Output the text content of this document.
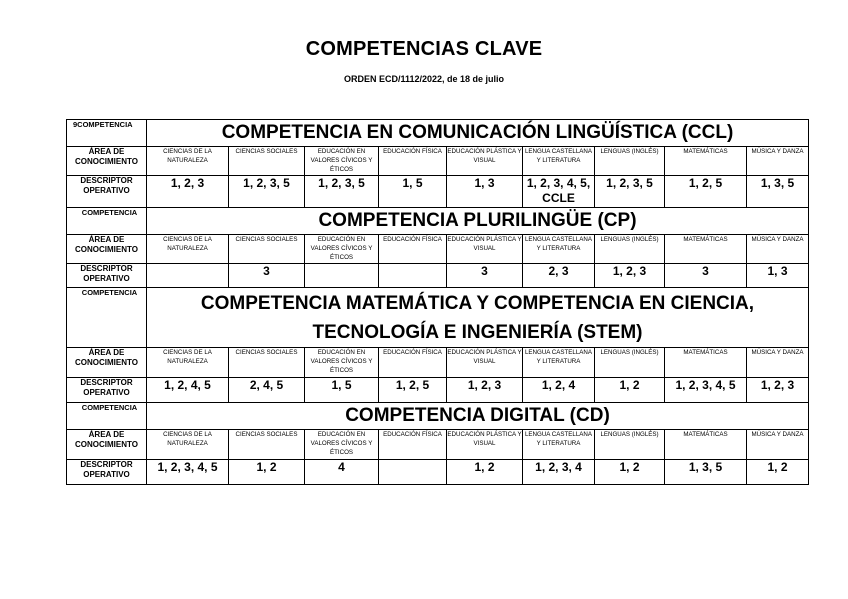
COMPETENCIAS CLAVE
ORDEN ECD/1112/2022, de 18 de julio
9COMPETENCIA	COMPETENCIA EN COMUNICACIÓN LINGÜÍSTICA (CCL)								
ÁREA DE CONOCIMIENTO	CIENCIAS DE LA NATURALEZA	CIENCIAS SOCIALES	EDUCACIÓN EN VALORES CÍVICOS Y ÉTICOS	EDUCACIÓN FÍSICA	EDUCACIÓN PLÁSTICA Y VISUAL	LENGUA CASTELLANA Y LITERATURA	LENGUAS (INGLÉS)	MATEMÁTICAS	MÚSICA Y DANZA
DESCRIPTOR OPERATIVO	1, 2, 3	1, 2, 3, 5	1, 2, 3, 5	1, 5	1, 3	1, 2, 3, 4, 5, CCLE	1, 2, 3, 5	1, 2, 5	1, 3, 5
COMPETENCIA	COMPETENCIA PLURILINGÜE (CP)								
ÁREA DE CONOCIMIENTO	CIENCIAS DE LA NATURALEZA	CIENCIAS SOCIALES	EDUCACIÓN EN VALORES CÍVICOS Y ÉTICOS	EDUCACIÓN FÍSICA	EDUCACIÓN PLÁSTICA Y VISUAL	LENGUA CASTELLANA Y LITERATURA	LENGUAS (INGLÉS)	MATEMÁTICAS	MÚSICA Y DANZA
DESCRIPTOR OPERATIVO		3			3	2, 3	1, 2, 3	3	1, 3
COMPETENCIA	COMPETENCIA MATEMÁTICA Y COMPETENCIA EN CIENCIA,
TECNOLOGÍA E INGENIERÍA (STEM)								

ÁREA DE CONOCIMIENTO	CIENCIAS DE LA NATURALEZA	CIENCIAS SOCIALES	EDUCACIÓN EN VALORES CÍVICOS Y ÉTICOS	EDUCACIÓN FÍSICA	EDUCACIÓN PLÁSTICA Y VISUAL	LENGUA CASTELLANA Y LITERATURA	LENGUAS (INGLÉS)	MATEMÁTICAS	MÚSICA Y DANZA
DESCRIPTOR OPERATIVO	1, 2, 4, 5	2, 4, 5	1, 5	1, 2, 5	1, 2, 3	1, 2, 4	1, 2	1, 2, 3, 4, 5	1, 2, 3
COMPETENCIA	COMPETENCIA DIGITAL (CD)								
ÁREA DE CONOCIMIENTO	CIENCIAS DE LA NATURALEZA	CIENCIAS SOCIALES	EDUCACIÓN EN VALORES CÍVICOS Y ÉTICOS	EDUCACIÓN FÍSICA	EDUCACIÓN PLÁSTICA Y VISUAL	LENGUA CASTELLANA Y LITERATURA	LENGUAS (INGLÉS)	MATEMÁTICAS	MÚSICA Y DANZA
DESCRIPTOR OPERATIVO	1, 2, 3, 4, 5	1, 2	4		1, 2	1, 2, 3, 4	1, 2	1, 3, 5	1, 2
